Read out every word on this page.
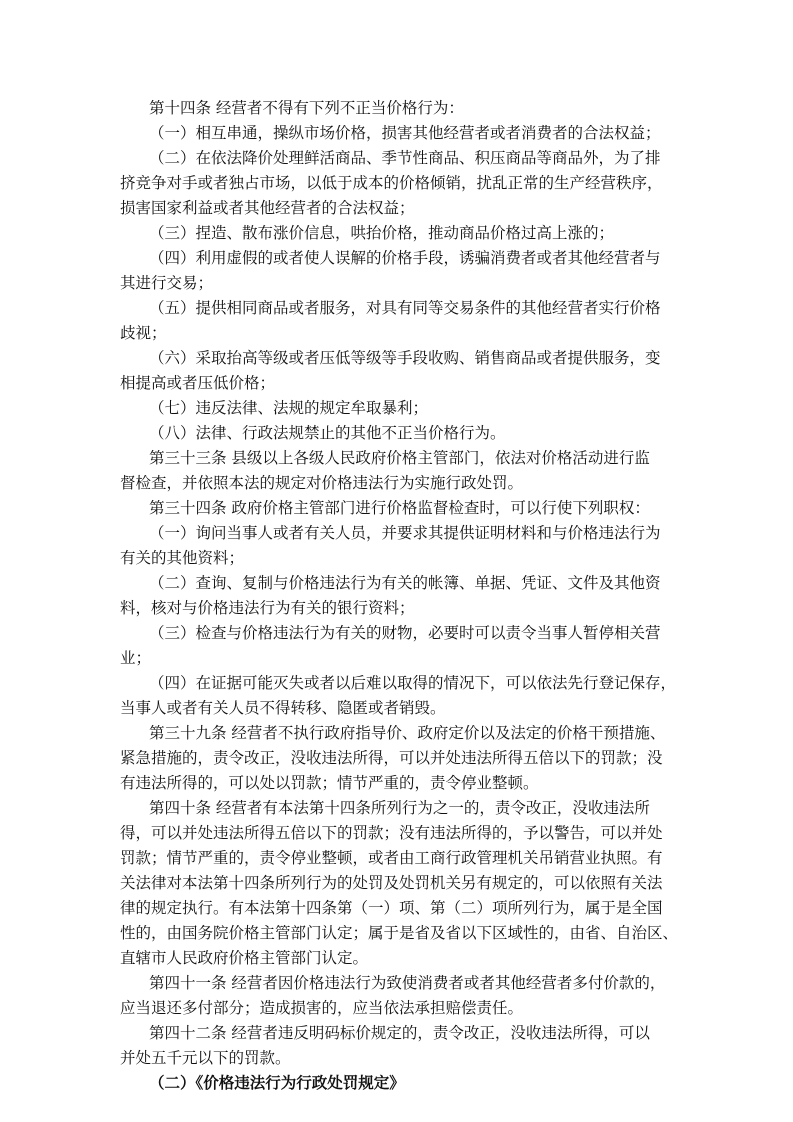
第十四条 经营者不得有下列不正当价格行为：
（一）相互串通，操纵市场价格，损害其他经营者或者消费者的合法权益；
（二）在依法降价处理鲜活商品、季节性商品、积压商品等商品外，为了排
挤竞争对手或者独占市场，以低于成本的价格倾销，扰乱正常的生产经营秩序，
损害国家利益或者其他经营者的合法权益；
（三）捏造、散布涨价信息，哄抬价格，推动商品价格过高上涨的；
（四）利用虚假的或者使人误解的价格手段，诱骗消费者或者其他经营者与
其进行交易；
（五）提供相同商品或者服务，对具有同等交易条件的其他经营者实行价格
歧视；
（六）采取抬高等级或者压低等级等手段收购、销售商品或者提供服务，变
相提高或者压低价格；
（七）违反法律、法规的规定牟取暴利；
（八）法律、行政法规禁止的其他不正当价格行为。
第三十三条 县级以上各级人民政府价格主管部门，依法对价格活动进行监
督检查，并依照本法的规定对价格违法行为实施行政处罚。
第三十四条 政府价格主管部门进行价格监督检查时，可以行使下列职权：
（一）询问当事人或者有关人员，并要求其提供证明材料和与价格违法行为
有关的其他资料；
（二）查询、复制与价格违法行为有关的帐簿、单据、凭证、文件及其他资
料，核对与价格违法行为有关的银行资料；
（三）检查与价格违法行为有关的财物，必要时可以责令当事人暂停相关营
业；
（四）在证据可能灭失或者以后难以取得的情况下，可以依法先行登记保存，
当事人或者有关人员不得转移、隐匿或者销毁。
第三十九条 经营者不执行政府指导价、政府定价以及法定的价格干预措施、
紧急措施的，责令改正，没收违法所得，可以并处违法所得五倍以下的罚款；没
有违法所得的，可以处以罚款；情节严重的，责令停业整顿。
第四十条 经营者有本法第十四条所列行为之一的，责令改正，没收违法所
得，可以并处违法所得五倍以下的罚款；没有违法所得的，予以警告，可以并处
罚款；情节严重的，责令停业整顿，或者由工商行政管理机关吊销营业执照。有
关法律对本法第十四条所列行为的处罚及处罚机关另有规定的，可以依照有关法
律的规定执行。有本法第十四条第（一）项、第（二）项所列行为，属于是全国
性的，由国务院价格主管部门认定；属于是省及省以下区域性的，由省、自治区、
直辖市人民政府价格主管部门认定。
第四十一条 经营者因价格违法行为致使消费者或者其他经营者多付价款的，
应当退还多付部分；造成损害的，应当依法承担赔偿责任。
第四十二条 经营者违反明码标价规定的，责令改正，没收违法所得，可以
并处五千元以下的罚款。
（二）《价格违法行为行政处罚规定》
